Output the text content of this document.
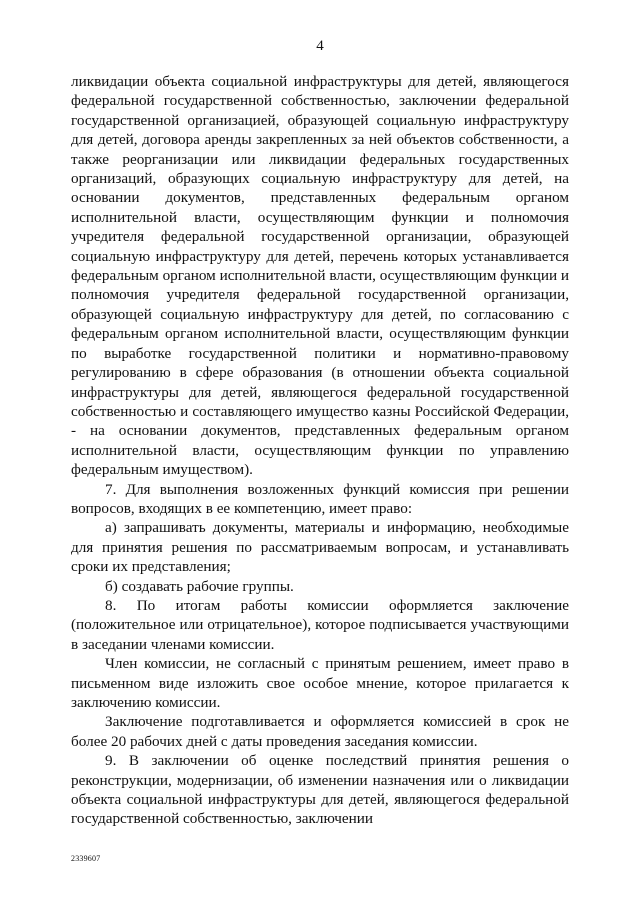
4

ликвидации объекта социальной инфраструктуры для детей, являющегося федеральной государственной собственностью, заключении федеральной государственной организацией, образующей социальную инфраструктуру для детей, договора аренды закрепленных за ней объектов собственности, а также реорганизации или ликвидации федеральных государственных организаций, образующих социальную инфраструктуру для детей, на основании документов, представленных федеральным органом исполнительной власти, осуществляющим функции и полномочия учредителя федеральной государственной организации, образующей социальную инфраструктуру для детей, перечень которых устанавливается федеральным органом исполнительной власти, осуществляющим функции и полномочия учредителя федеральной государственной организации, образующей социальную инфраструктуру для детей, по согласованию с федеральным органом исполнительной власти, осуществляющим функции по выработке государственной политики и нормативно-правовому регулированию в сфере образования (в отношении объекта социальной инфраструктуры для детей, являющегося федеральной государственной собственностью и составляющего имущество казны Российской Федерации, - на основании документов, представленных федеральным органом исполнительной власти, осуществляющим функции по управлению федеральным имуществом).

7. Для выполнения возложенных функций комиссия при решении вопросов, входящих в ее компетенцию, имеет право:

а) запрашивать документы, материалы и информацию, необходимые для принятия решения по рассматриваемым вопросам, и устанавливать сроки их представления;

б) создавать рабочие группы.

8. По итогам работы комиссии оформляется заключение (положительное или отрицательное), которое подписывается участвующими в заседании членами комиссии.

Член комиссии, не согласный с принятым решением, имеет право в письменном виде изложить свое особое мнение, которое прилагается к заключению комиссии.

Заключение подготавливается и оформляется комиссией в срок не более 20 рабочих дней с даты проведения заседания комиссии.

9. В заключении об оценке последствий принятия решения о реконструкции, модернизации, об изменении назначения или о ликвидации объекта социальной инфраструктуры для детей, являющегося федеральной государственной собственностью, заключении

2339607
